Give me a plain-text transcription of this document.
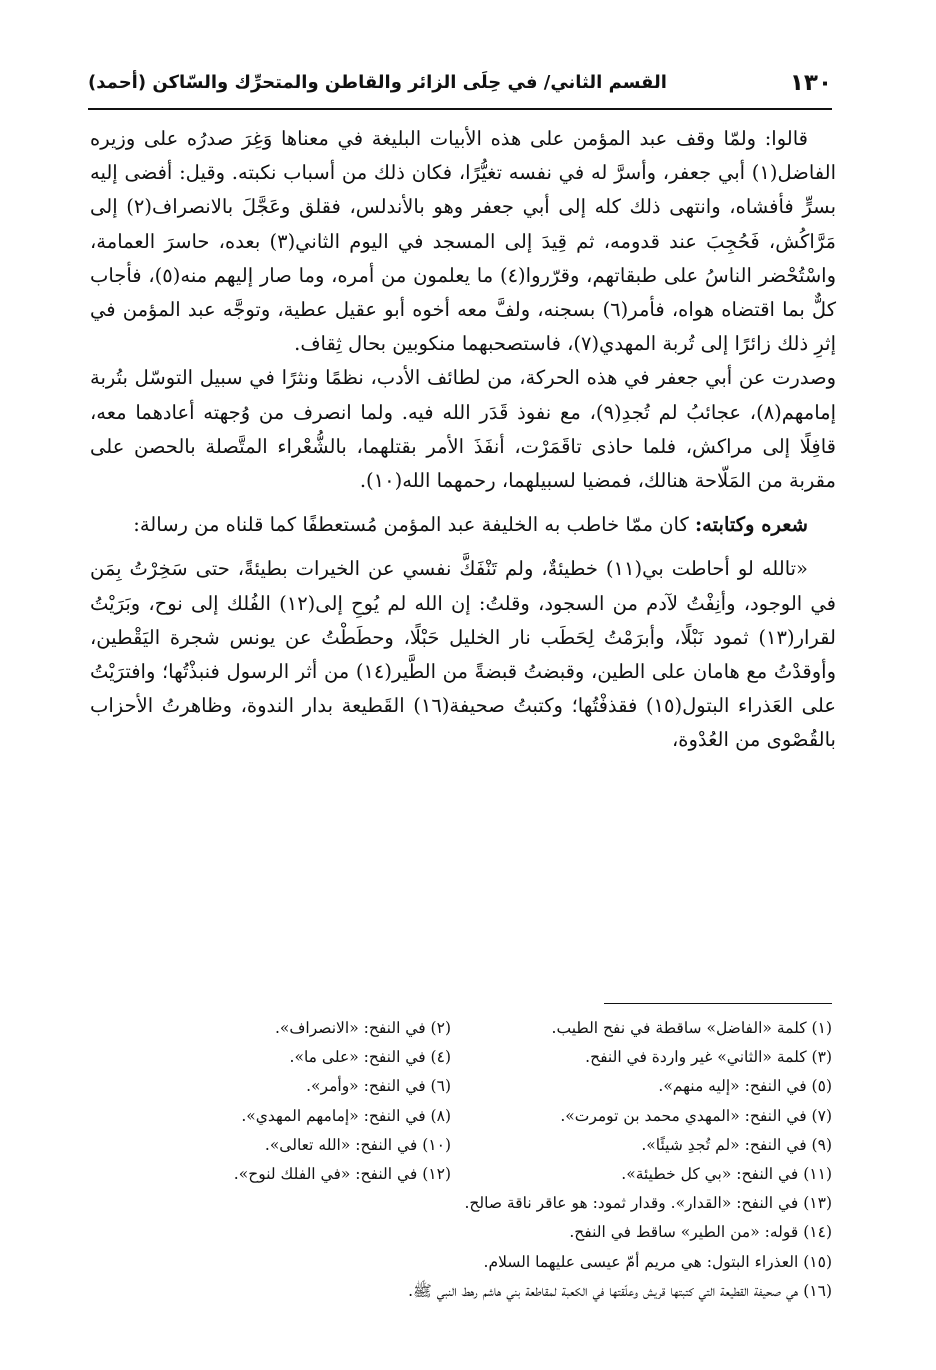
١٣٠
القسم الثاني/ في حِلَى الزائر والقاطن والمتحرِّك والسّاكن (أحمد)

قالوا: ولمّا وقف عبد المؤمن على هذه الأبيات البليغة في معناها وَغِرَ صدرُه على وزيره الفاضل(١) أبي جعفر، وأسرَّ له في نفسه تغيُّرًا، فكان ذلك من أسباب نكبته. وقيل: أفضى إليه بسرٍّ فأفشاه، وانتهى ذلك كله إلى أبي جعفر وهو بالأندلس، فقلق وعَجَّلَ بالانصراف(٢) إلى مَرَّاكُش، فَحُجِبَ عند قدومه، ثم قِيدَ إلى المسجد في اليوم الثاني(٣) بعده، حاسرَ العمامة، واسْتُحْضر الناسُ على طبقاتهم، وقرّروا(٤) ما يعلمون من أمره، وما صار إليهم منه(٥)، فأجاب كلٌّ بما اقتضاه هواه، فأمر(٦) بسجنه، ولفَّ معه أخوه أبو عقيل عطية، وتوجَّه عبد المؤمن في إثرِ ذلك زائرًا إلى تُربة المهدي(٧)، فاستصحبهما منكوبين بحال ثِقاف.

وصدرت عن أبي جعفر في هذه الحركة، من لطائف الأدب، نظمًا ونثرًا في سبيل التوسّل بتُربة إمامهم(٨)، عجائبُ لم تُجدِ(٩)، مع نفوذ قَدَر الله فيه. ولما انصرف من وُجهته أعادهما معه، قافِلًا إلى مراكش، فلما حاذى تاقَمَرْت، أنفَذَ الأمر بقتلهما، بالشُّعْراء المتَّصلة بالحصن على مقربة من المَلّاحة هنالك، فمضيا لسبيلهما، رحمهما الله(١٠).

شعره وكتابته: كان ممّا خاطب به الخليفة عبد المؤمن مُستعطفًا كما قلناه من رسالة:

«تالله لو أحاطت بي(١١) خطيئةٌ، ولم تَنْفَكَّ نفسي عن الخيرات بطيئةً، حتى سَخِرْتُ بِمَن في الوجود، وأنِفْتُ لآدم من السجود، وقلتُ: إن الله لم يُوحِ إلى(١٢) الفُلك إلى نوح، وبَرَيْتُ لقرار(١٣) ثمود نَبْلًا، وأبرَمْتُ لِحَطَب نار الخليل حَبْلًا، وحطَطْتُ عن يونس شجرة اليَقْطين، وأوقدْتُ مع هامان على الطين، وقبضتُ قبضةً من الطَّير(١٤) من أثر الرسول فنبذْتُها؛ وافترَيْتُ على العَذراء البتول(١٥) فقذفْتُها؛ وكتبتُ صحيفة(١٦) القَطيعة بدار الندوة، وظاهرتُ الأحزاب بالقُصْوى من العُدْوة،

(١) كلمة «الفاضل» ساقطة في نفح الطيب.
(٢) في النفح: «الانصراف».
(٣) كلمة «الثاني» غير واردة في النفح.
(٤) في النفح: «على ما».
(٥) في النفح: «إليه منهم».
(٦) في النفح: «وأمر».
(٧) في النفح: «المهدي محمد بن تومرت».
(٨) في النفح: «إمامهم المهدي».
(٩) في النفح: «لم تُجدِ شيئًا».
(١٠) في النفح: «الله تعالى».
(١١) في النفح: «بي كل خطيئة».
(١٢) في النفح: «في الفلك لنوح».
(١٣) في النفح: «القدار». وقدار ثمود: هو عاقر ناقة صالح.
(١٤) قوله: «من الطير» ساقط في النفح.
(١٥) العذراء البتول: هي مريم أمّ عيسى عليهما السلام.
(١٦) هي صحيفة القطيعة التي كتبتها قريش وعلّقتها في الكعبة لمقاطعة بني هاشم رهط النبي ﷺ.
